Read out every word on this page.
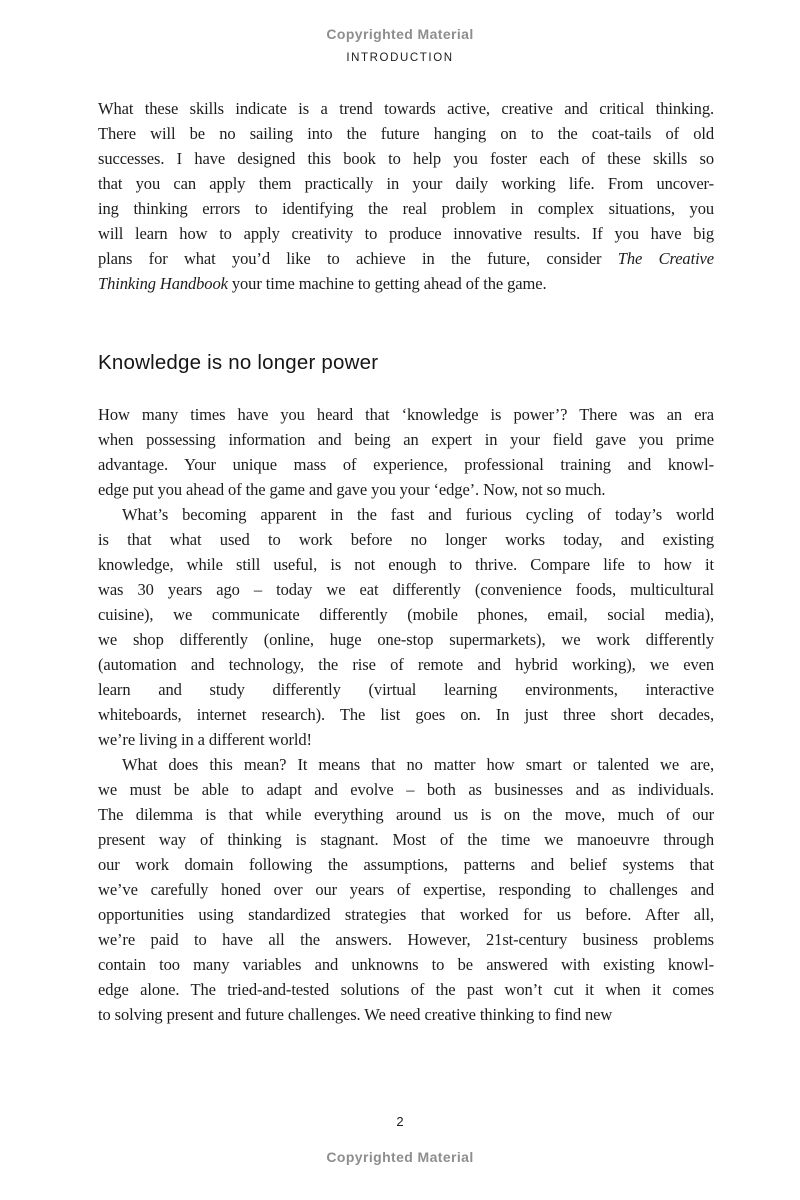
Copyrighted Material
INTRODUCTION
What these skills indicate is a trend towards active, creative and critical thinking.
There will be no sailing into the future hanging on to the coat-tails of old
successes. I have designed this book to help you foster each of these skills so
that you can apply them practically in your daily working life. From uncover-
ing thinking errors to identifying the real problem in complex situations, you
will learn how to apply creativity to produce innovative results. If you have big
plans for what you’d like to achieve in the future, consider The Creative
Thinking Handbook your time machine to getting ahead of the game.
Knowledge is no longer power
How many times have you heard that ‘knowledge is power’? There was an era
when possessing information and being an expert in your field gave you prime
advantage. Your unique mass of experience, professional training and knowl-
edge put you ahead of the game and gave you your ‘edge’. Now, not so much.
What’s becoming apparent in the fast and furious cycling of today’s world
is that what used to work before no longer works today, and existing
knowledge, while still useful, is not enough to thrive. Compare life to how it
was 30 years ago – today we eat differently (convenience foods, multicultural
cuisine), we communicate differently (mobile phones, email, social media),
we shop differently (online, huge one-stop supermarkets), we work differently
(automation and technology, the rise of remote and hybrid working), we even
learn and study differently (virtual learning environments, interactive
whiteboards, internet research). The list goes on. In just three short decades,
we’re living in a different world!
What does this mean? It means that no matter how smart or talented we are,
we must be able to adapt and evolve – both as businesses and as individuals.
The dilemma is that while everything around us is on the move, much of our
present way of thinking is stagnant. Most of the time we manoeuvre through
our work domain following the assumptions, patterns and belief systems that
we’ve carefully honed over our years of expertise, responding to challenges and
opportunities using standardized strategies that worked for us before. After all,
we’re paid to have all the answers. However, 21st-century business problems
contain too many variables and unknowns to be answered with existing knowl-
edge alone. The tried-and-tested solutions of the past won’t cut it when it comes
to solving present and future challenges. We need creative thinking to find new
2
Copyrighted Material
